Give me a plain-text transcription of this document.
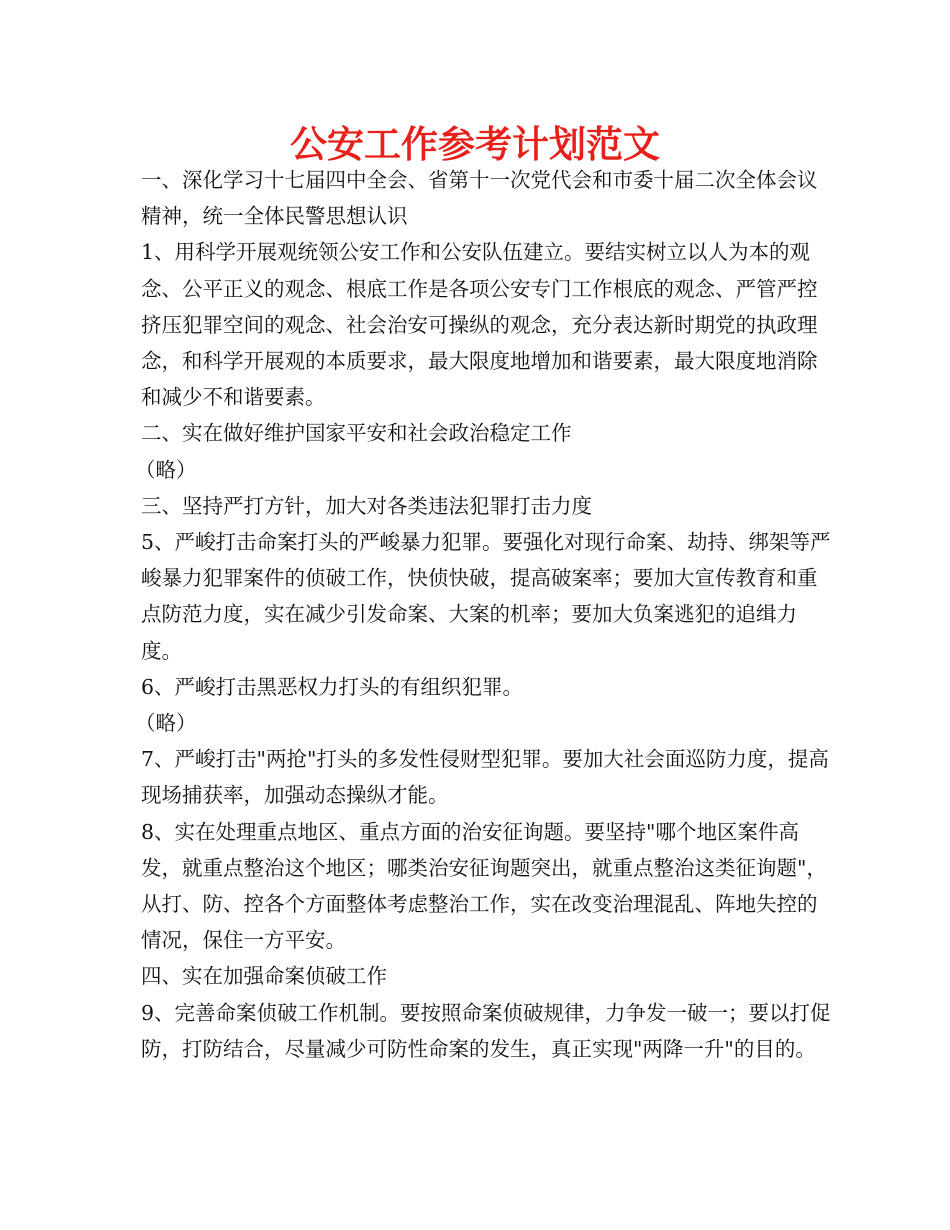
公安工作参考计划范文

一、深化学习十七届四中全会、省第十一次党代会和市委十届二次全体会议精神，统一全体民警思想认识

1、用科学开展观统领公安工作和公安队伍建立。要结实树立以人为本的观念、公平正义的观念、根底工作是各项公安专门工作根底的观念、严管严控挤压犯罪空间的观念、社会治安可操纵的观念，充分表达新时期党的执政理念，和科学开展观的本质要求，最大限度地增加和谐要素，最大限度地消除和减少不和谐要素。

二、实在做好维护国家平安和社会政治稳定工作

（略）

三、坚持严打方针，加大对各类违法犯罪打击力度

5、严峻打击命案打头的严峻暴力犯罪。要强化对现行命案、劫持、绑架等严峻暴力犯罪案件的侦破工作，快侦快破，提高破案率；要加大宣传教育和重点防范力度，实在减少引发命案、大案的机率；要加大负案逃犯的追缉力度。

6、严峻打击黑恶权力打头的有组织犯罪。

（略）

7、严峻打击"两抢"打头的多发性侵财型犯罪。要加大社会面巡防力度，提高现场捕获率，加强动态操纵才能。

8、实在处理重点地区、重点方面的治安征询题。要坚持"哪个地区案件高发，就重点整治这个地区；哪类治安征询题突出，就重点整治这类征询题"，从打、防、控各个方面整体考虑整治工作，实在改变治理混乱、阵地失控的情况，保住一方平安。

四、实在加强命案侦破工作

9、完善命案侦破工作机制。要按照命案侦破规律，力争发一破一；要以打促防，打防结合，尽量减少可防性命案的发生，真正实现"两降一升"的目的。
